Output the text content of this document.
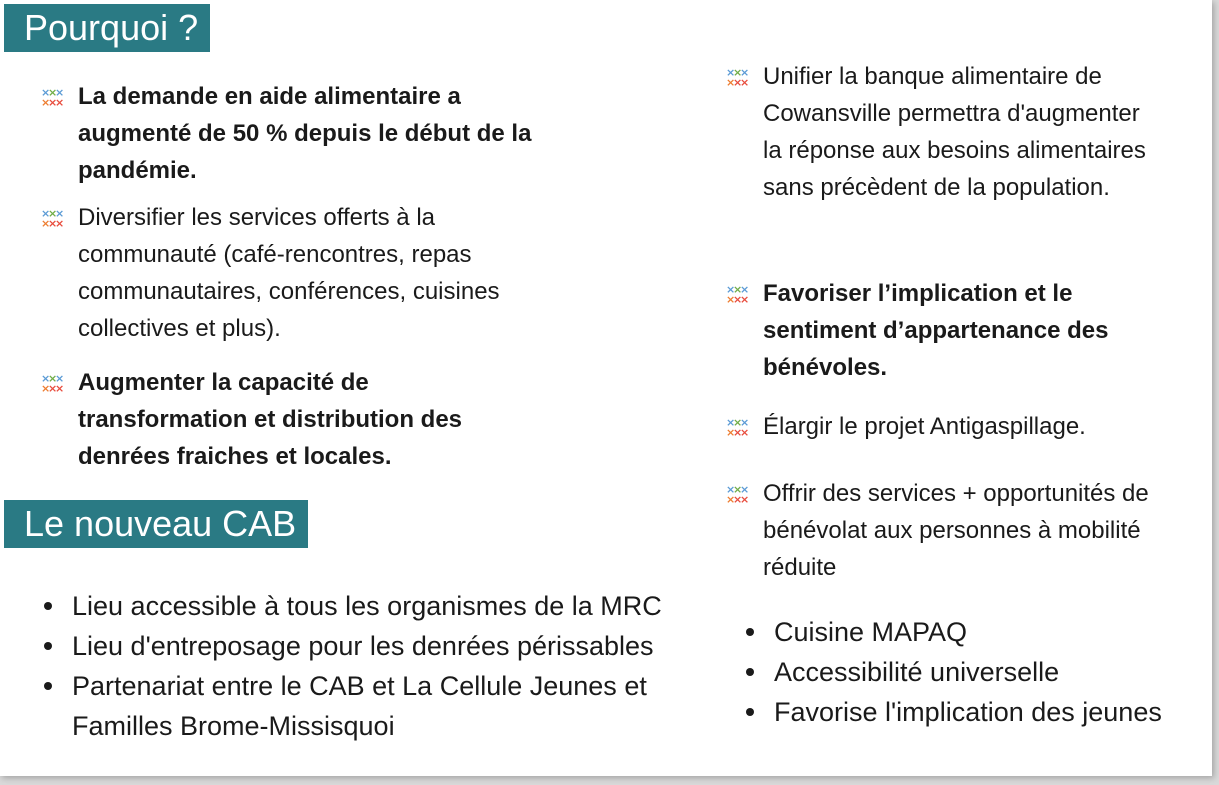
Pourquoi ?
×
×
×
×
×
× La demande en aide alimentaire a augmenté de 50 % depuis le début de la pandémie.
×
×
×
×
×
× Diversifier les services offerts à la communauté (café-rencontres, repas communautaires, conférences, cuisines collectives et plus).
×
×
×
×
×
× Augmenter la capacité de transformation et distribution des denrées fraiches et locales.
Le nouveau CAB
Lieu accessible à tous les organismes de la MRC
Lieu d'entreposage pour les denrées périssables
Partenariat entre le CAB et La Cellule Jeunes et Familles Brome-Missisquoi
×
×
×
×
×
× Unifier la banque alimentaire de Cowansville permettra d'augmenter la réponse aux besoins alimentaires sans précèdent de la population.
×
×
×
×
×
× Favoriser l’implication et le sentiment d’appartenance des bénévoles.
×
×
×
×
×
× Élargir le projet Antigaspillage.
×
×
×
×
×
× Offrir des services + opportunités de bénévolat aux personnes à mobilité réduite
Cuisine MAPAQ
Accessibilité universelle
Favorise l'implication des jeunes
